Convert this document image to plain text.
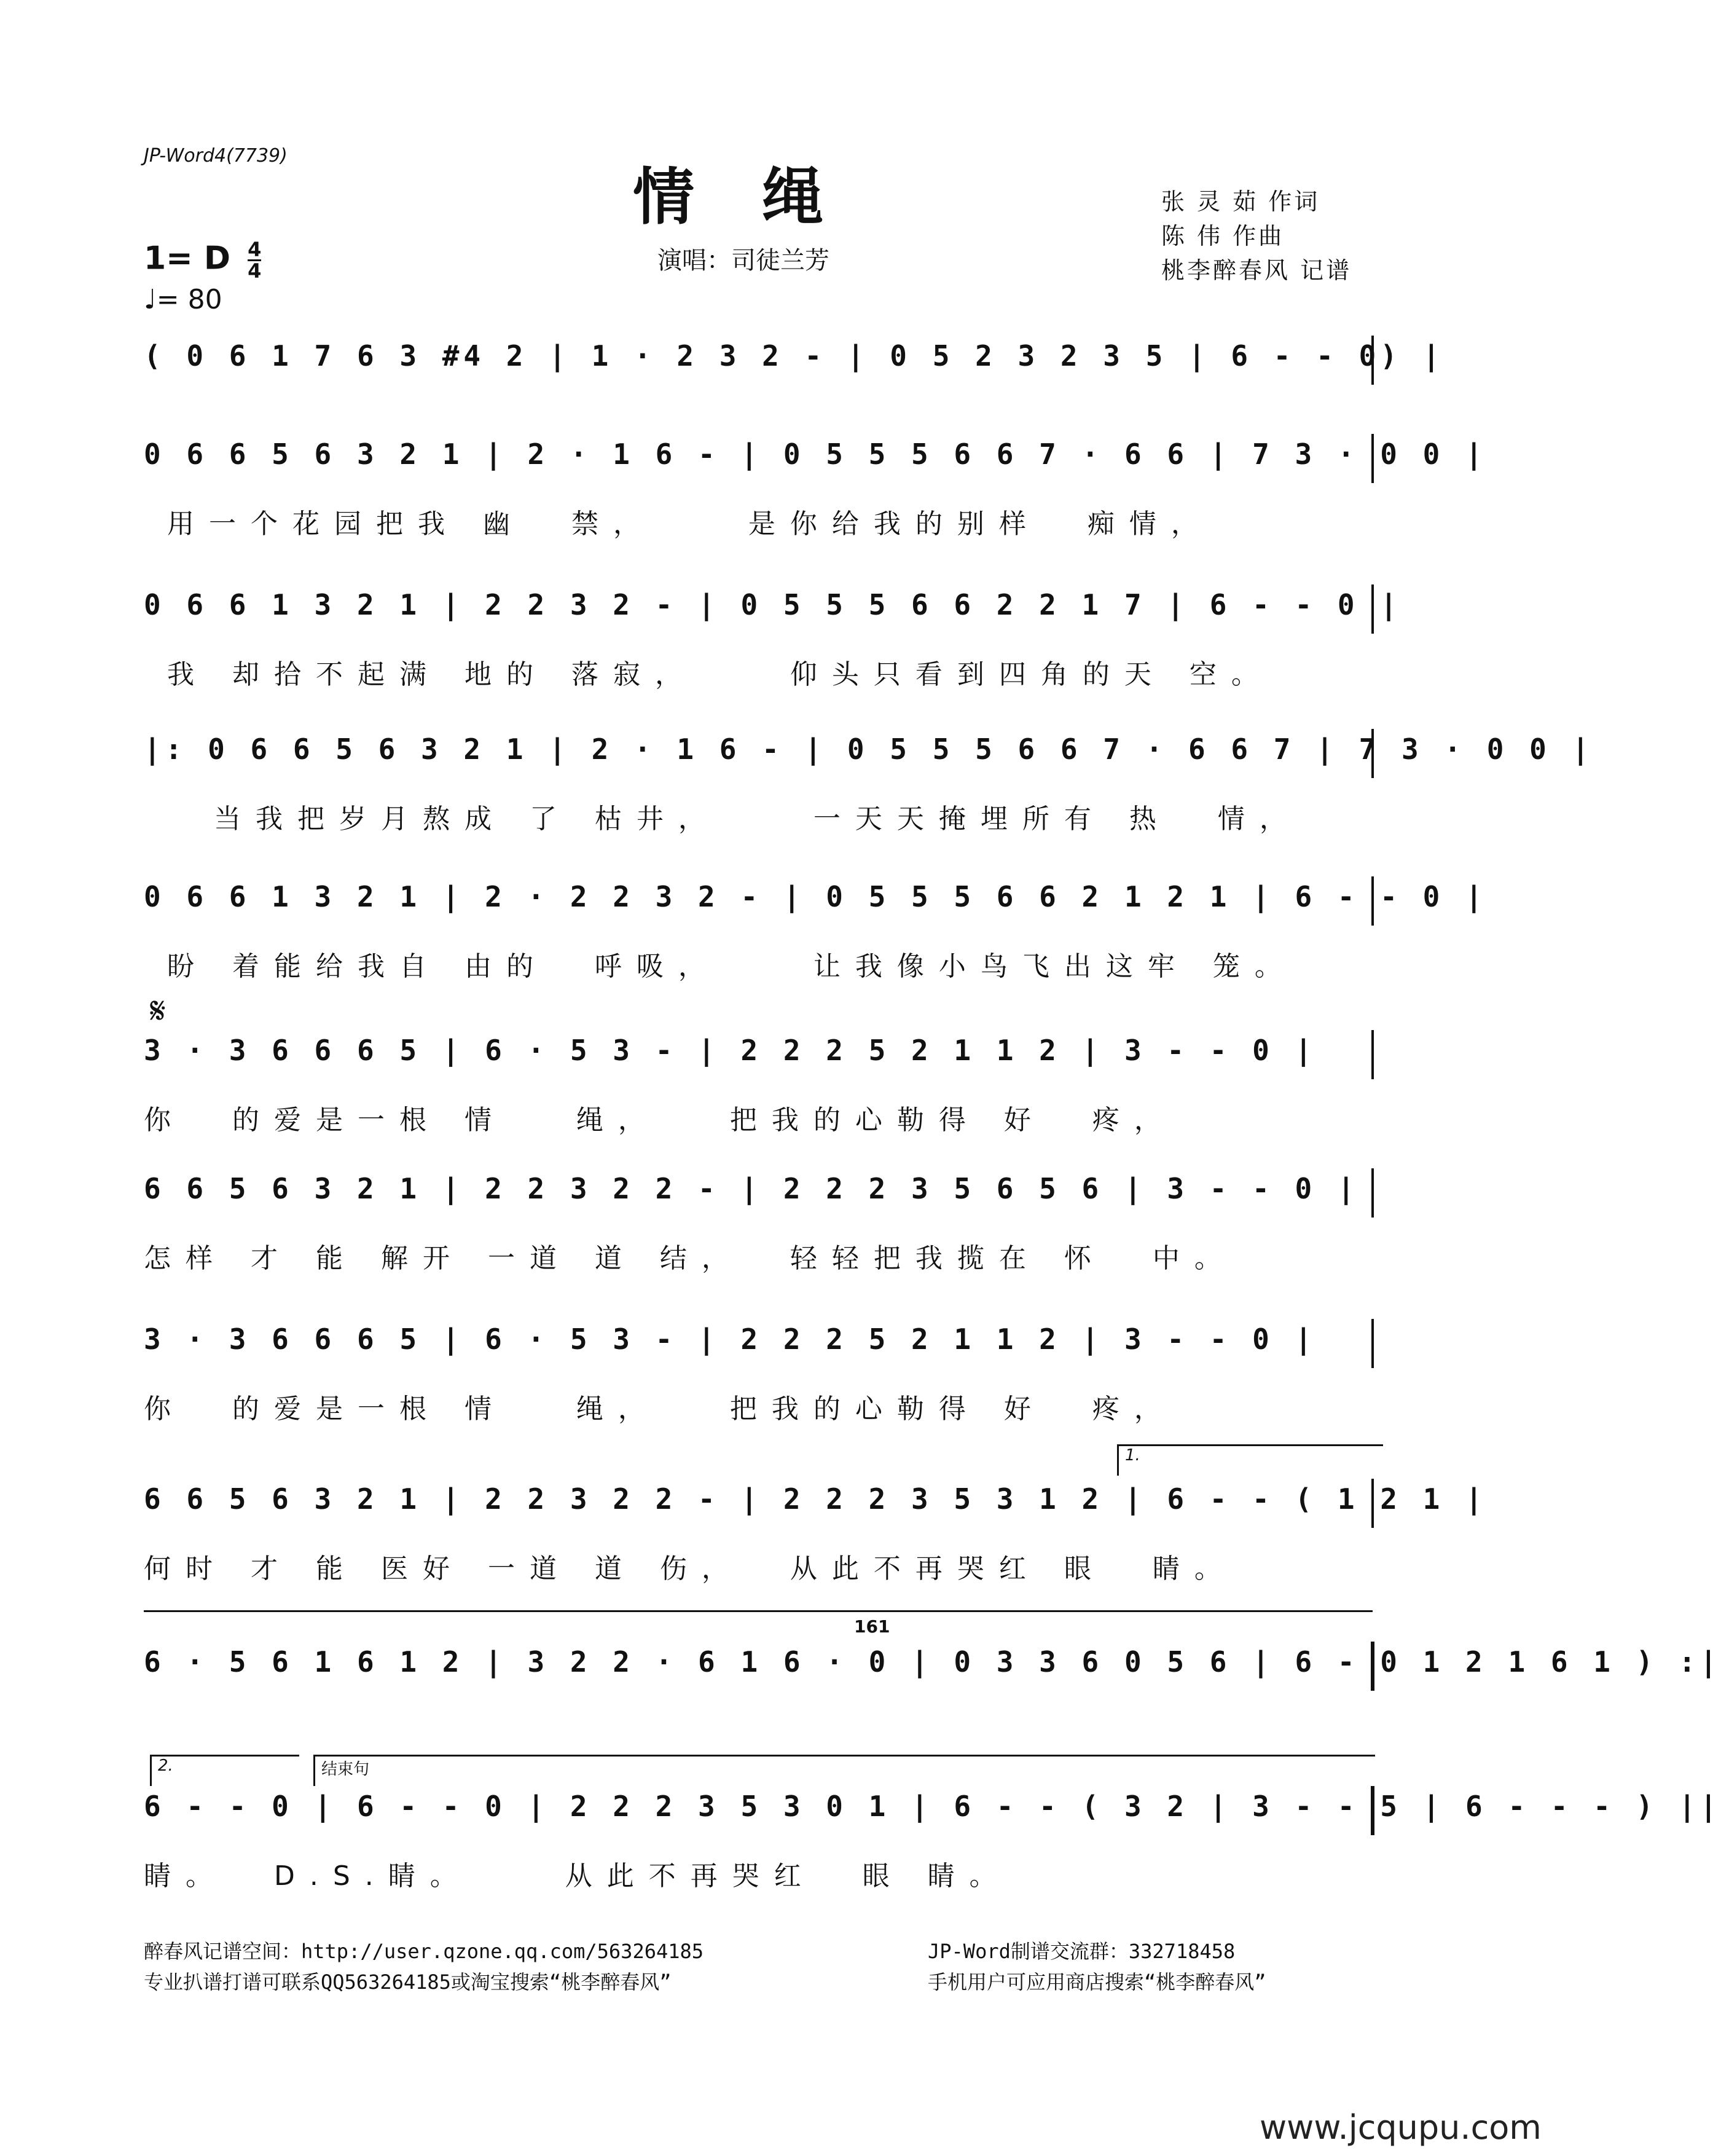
JP-Word4(7739)
情绳	张 灵 茹 作词
陈 伟 作曲
桃李醉春风 记谱
1= D $\frac{4}{4}$
♩= 80
演唱：司徒兰芳
( 0 6 1 7 6 3 #4 2 | 1 · 2 3 2 - | 0 5 2 3 2 3 5 | 6 - - 0) |
0 6 6 5 6 3 2 1 | 2 · 1 6 - | 0 5 5 5 6 6 7 · 6 6 | 7 3 · 0 0 |
用一个花园把我 幽  禁，    是你给我的别样  痴情，
0 6 6 1 3 2 1 | 2 2 3 2 - | 0 5 5 5 6 6 2 2 1 7 | 6 - - 0 |
我 却拾不起满 地的 落寂，    仰头只看到四角的天 空。
|: 0 6 6 5 6 3 2 1 | 2 · 1 6 - | 0 5 5 5 6 6 7 · 6 6 7 | 7 3 · 0 0 |
当我把岁月熬成 了 枯井，    一天天掩埋所有 热  情，
0 6 6 1 3 2 1 | 2 · 2 2 3 2 - | 0 5 5 5 6 6 2 1 2 1 | 6 - - 0 |
盼 着能给我自 由的  呼吸，    让我像小鸟飞出这牢 笼。
𝄋
3 · 3 6 6 6 5 | 6 · 5 3 - | 2 2 2 5 2 1 1 2 | 3 - - 0 |
你  的爱是一根 情   绳，   把我的心勒得 好  疼，
6 6 5 6 3 2 1 | 2 2 3 2 2 - | 2 2 2 3 5 6 5 6 | 3 - - 0 |
怎样 才 能 解开 一道 道 结，  轻轻把我揽在 怀  中。
3 · 3 6 6 6 5 | 6 · 5 3 - | 2 2 2 5 2 1 1 2 | 3 - - 0 |
你  的爱是一根 情   绳，   把我的心勒得 好  疼，
1.
6 6 5 6 3 2 1 | 2 2 3 2 2 - | 2 2 2 3 5 3 1 2 | 6 - - ( 1 2 1 |
何时 才 能 医好 一道 道 伤，  从此不再哭红 眼  睛。
161
6 · 5 6 1 6 1 2 | 3 2 2 · 6 1 6 · 0 | 0 3 3 6 0 5 6 | 6 - 0 1 2 1 6 1 ) :|
2.	结束句
6 - - 0 | 6 - - 0 | 2 2 2 3 5 3 0 1 | 6 - - ( 3 2 | 3 - - 5 | 6 - - - ) ||
睛。  D.S.睛。    从此不再哭红  眼 睛。
醉春风记谱空间：http://user.qzone.qq.com/563264185
专业扒谱打谱可联系QQ563264185或淘宝搜索“桃李醉春风”
JP-Word制谱交流群：332718458
手机用户可应用商店搜索“桃李醉春风”
www.jcqupu.com
